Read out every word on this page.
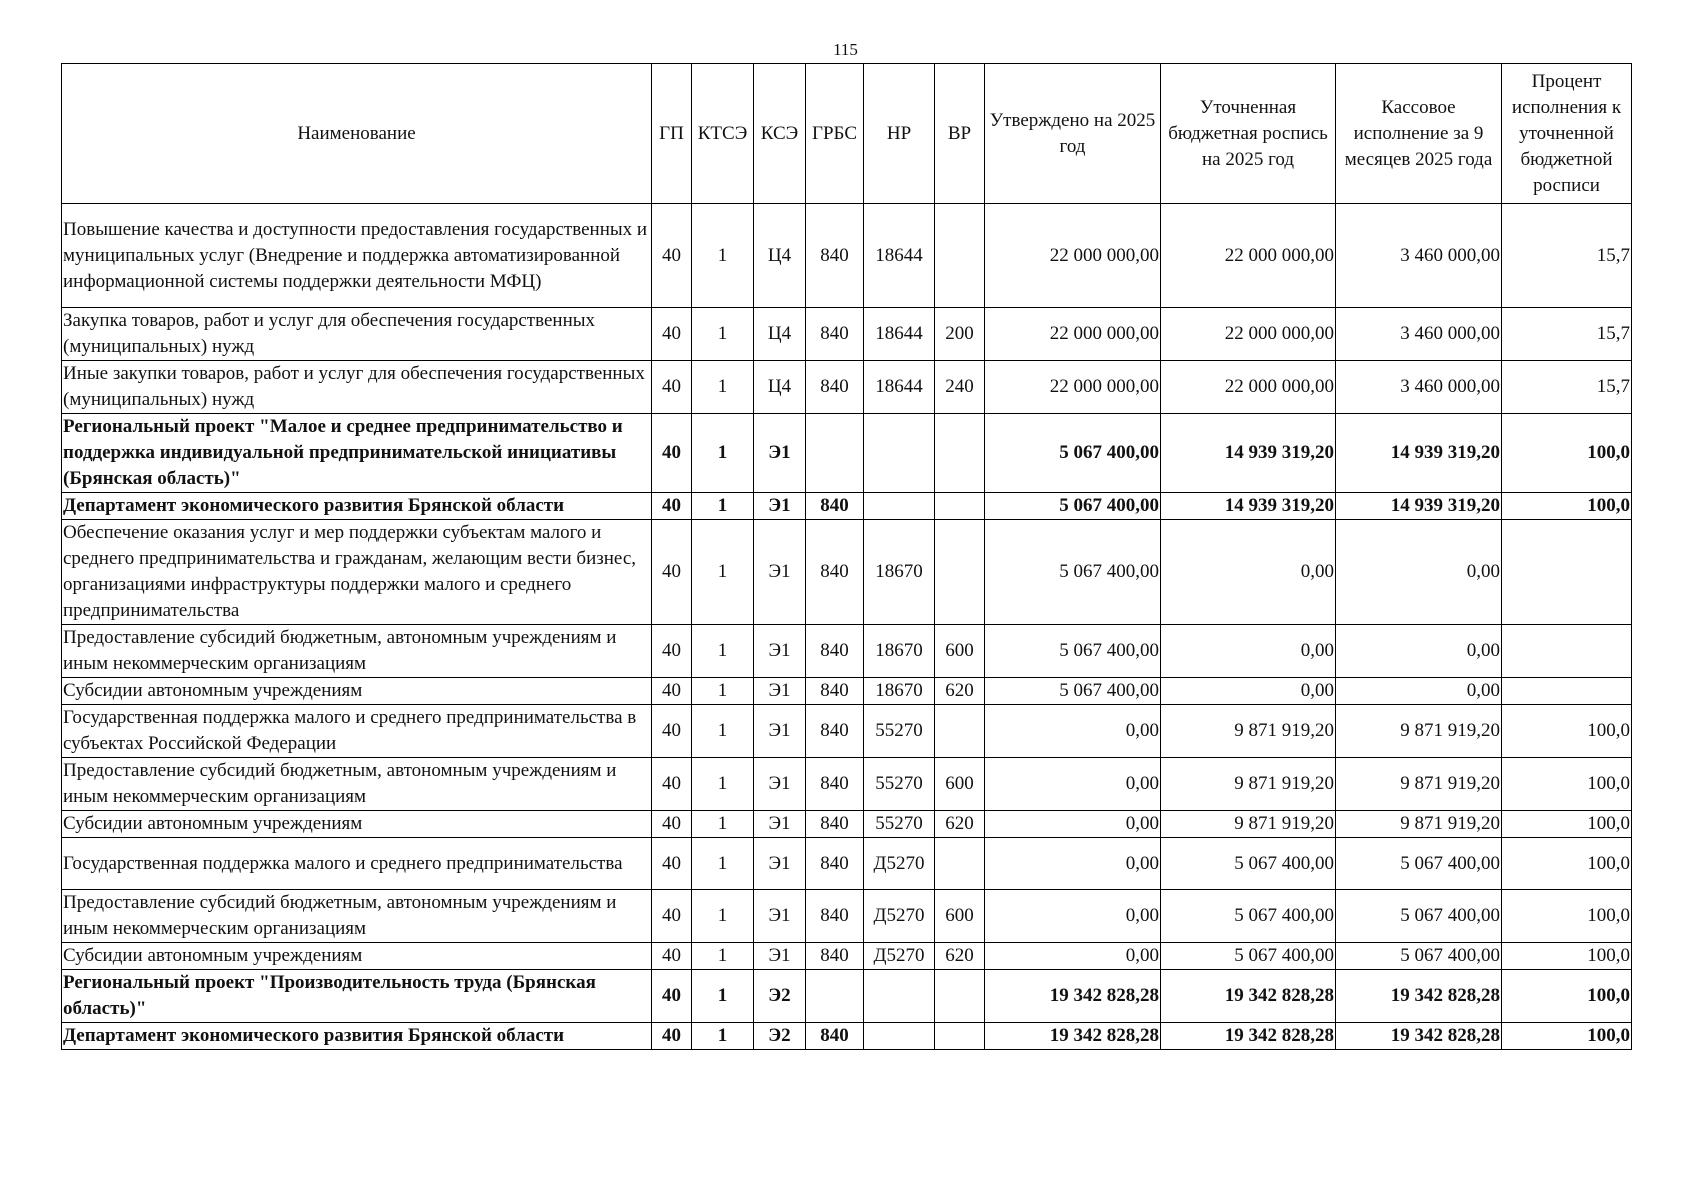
115
Наименование	ГП	КТСЭ	КСЭ	ГРБС	НР	ВР	Утверждено на 2025 год	Уточненная бюджетная роспись на 2025 год	Кассовое исполнение за 9 месяцев 2025 года	Процент исполнения к уточненной бюджетной росписи
Повышение качества и доступности предоставления государственных и муниципальных услуг (Внедрение и поддержка автоматизированной информационной системы поддержки деятельности МФЦ)	40	1	Ц4	840	18644		22 000 000,00	22 000 000,00	3 460 000,00	15,7
Закупка товаров, работ и услуг для обеспечения государственных (муниципальных) нужд	40	1	Ц4	840	18644	200	22 000 000,00	22 000 000,00	3 460 000,00	15,7
Иные закупки товаров, работ и услуг для обеспечения государственных (муниципальных) нужд	40	1	Ц4	840	18644	240	22 000 000,00	22 000 000,00	3 460 000,00	15,7
Региональный проект "Малое и среднее предпринимательство и поддержка индивидуальной предпринимательской инициативы (Брянская область)"	40	1	Э1				5 067 400,00	14 939 319,20	14 939 319,20	100,0
Департамент экономического развития Брянской области	40	1	Э1	840			5 067 400,00	14 939 319,20	14 939 319,20	100,0
Обеспечение оказания услуг и мер поддержки субъектам малого и среднего предпринимательства и гражданам, желающим вести бизнес, организациями инфраструктуры поддержки малого и среднего предпринимательства	40	1	Э1	840	18670		5 067 400,00	0,00	0,00	
Предоставление субсидий бюджетным, автономным учреждениям и иным некоммерческим организациям	40	1	Э1	840	18670	600	5 067 400,00	0,00	0,00	
Субсидии автономным учреждениям	40	1	Э1	840	18670	620	5 067 400,00	0,00	0,00	
Государственная поддержка малого и среднего предпринимательства в субъектах Российской Федерации	40	1	Э1	840	55270		0,00	9 871 919,20	9 871 919,20	100,0
Предоставление субсидий бюджетным, автономным учреждениям и иным некоммерческим организациям	40	1	Э1	840	55270	600	0,00	9 871 919,20	9 871 919,20	100,0
Субсидии автономным учреждениям	40	1	Э1	840	55270	620	0,00	9 871 919,20	9 871 919,20	100,0
Государственная поддержка малого и среднего предпринимательства	40	1	Э1	840	Д5270		0,00	5 067 400,00	5 067 400,00	100,0
Предоставление субсидий бюджетным, автономным учреждениям и иным некоммерческим организациям	40	1	Э1	840	Д5270	600	0,00	5 067 400,00	5 067 400,00	100,0
Субсидии автономным учреждениям	40	1	Э1	840	Д5270	620	0,00	5 067 400,00	5 067 400,00	100,0
Региональный проект "Производительность труда (Брянская область)"	40	1	Э2				19 342 828,28	19 342 828,28	19 342 828,28	100,0
Департамент экономического развития Брянской области	40	1	Э2	840			19 342 828,28	19 342 828,28	19 342 828,28	100,0
